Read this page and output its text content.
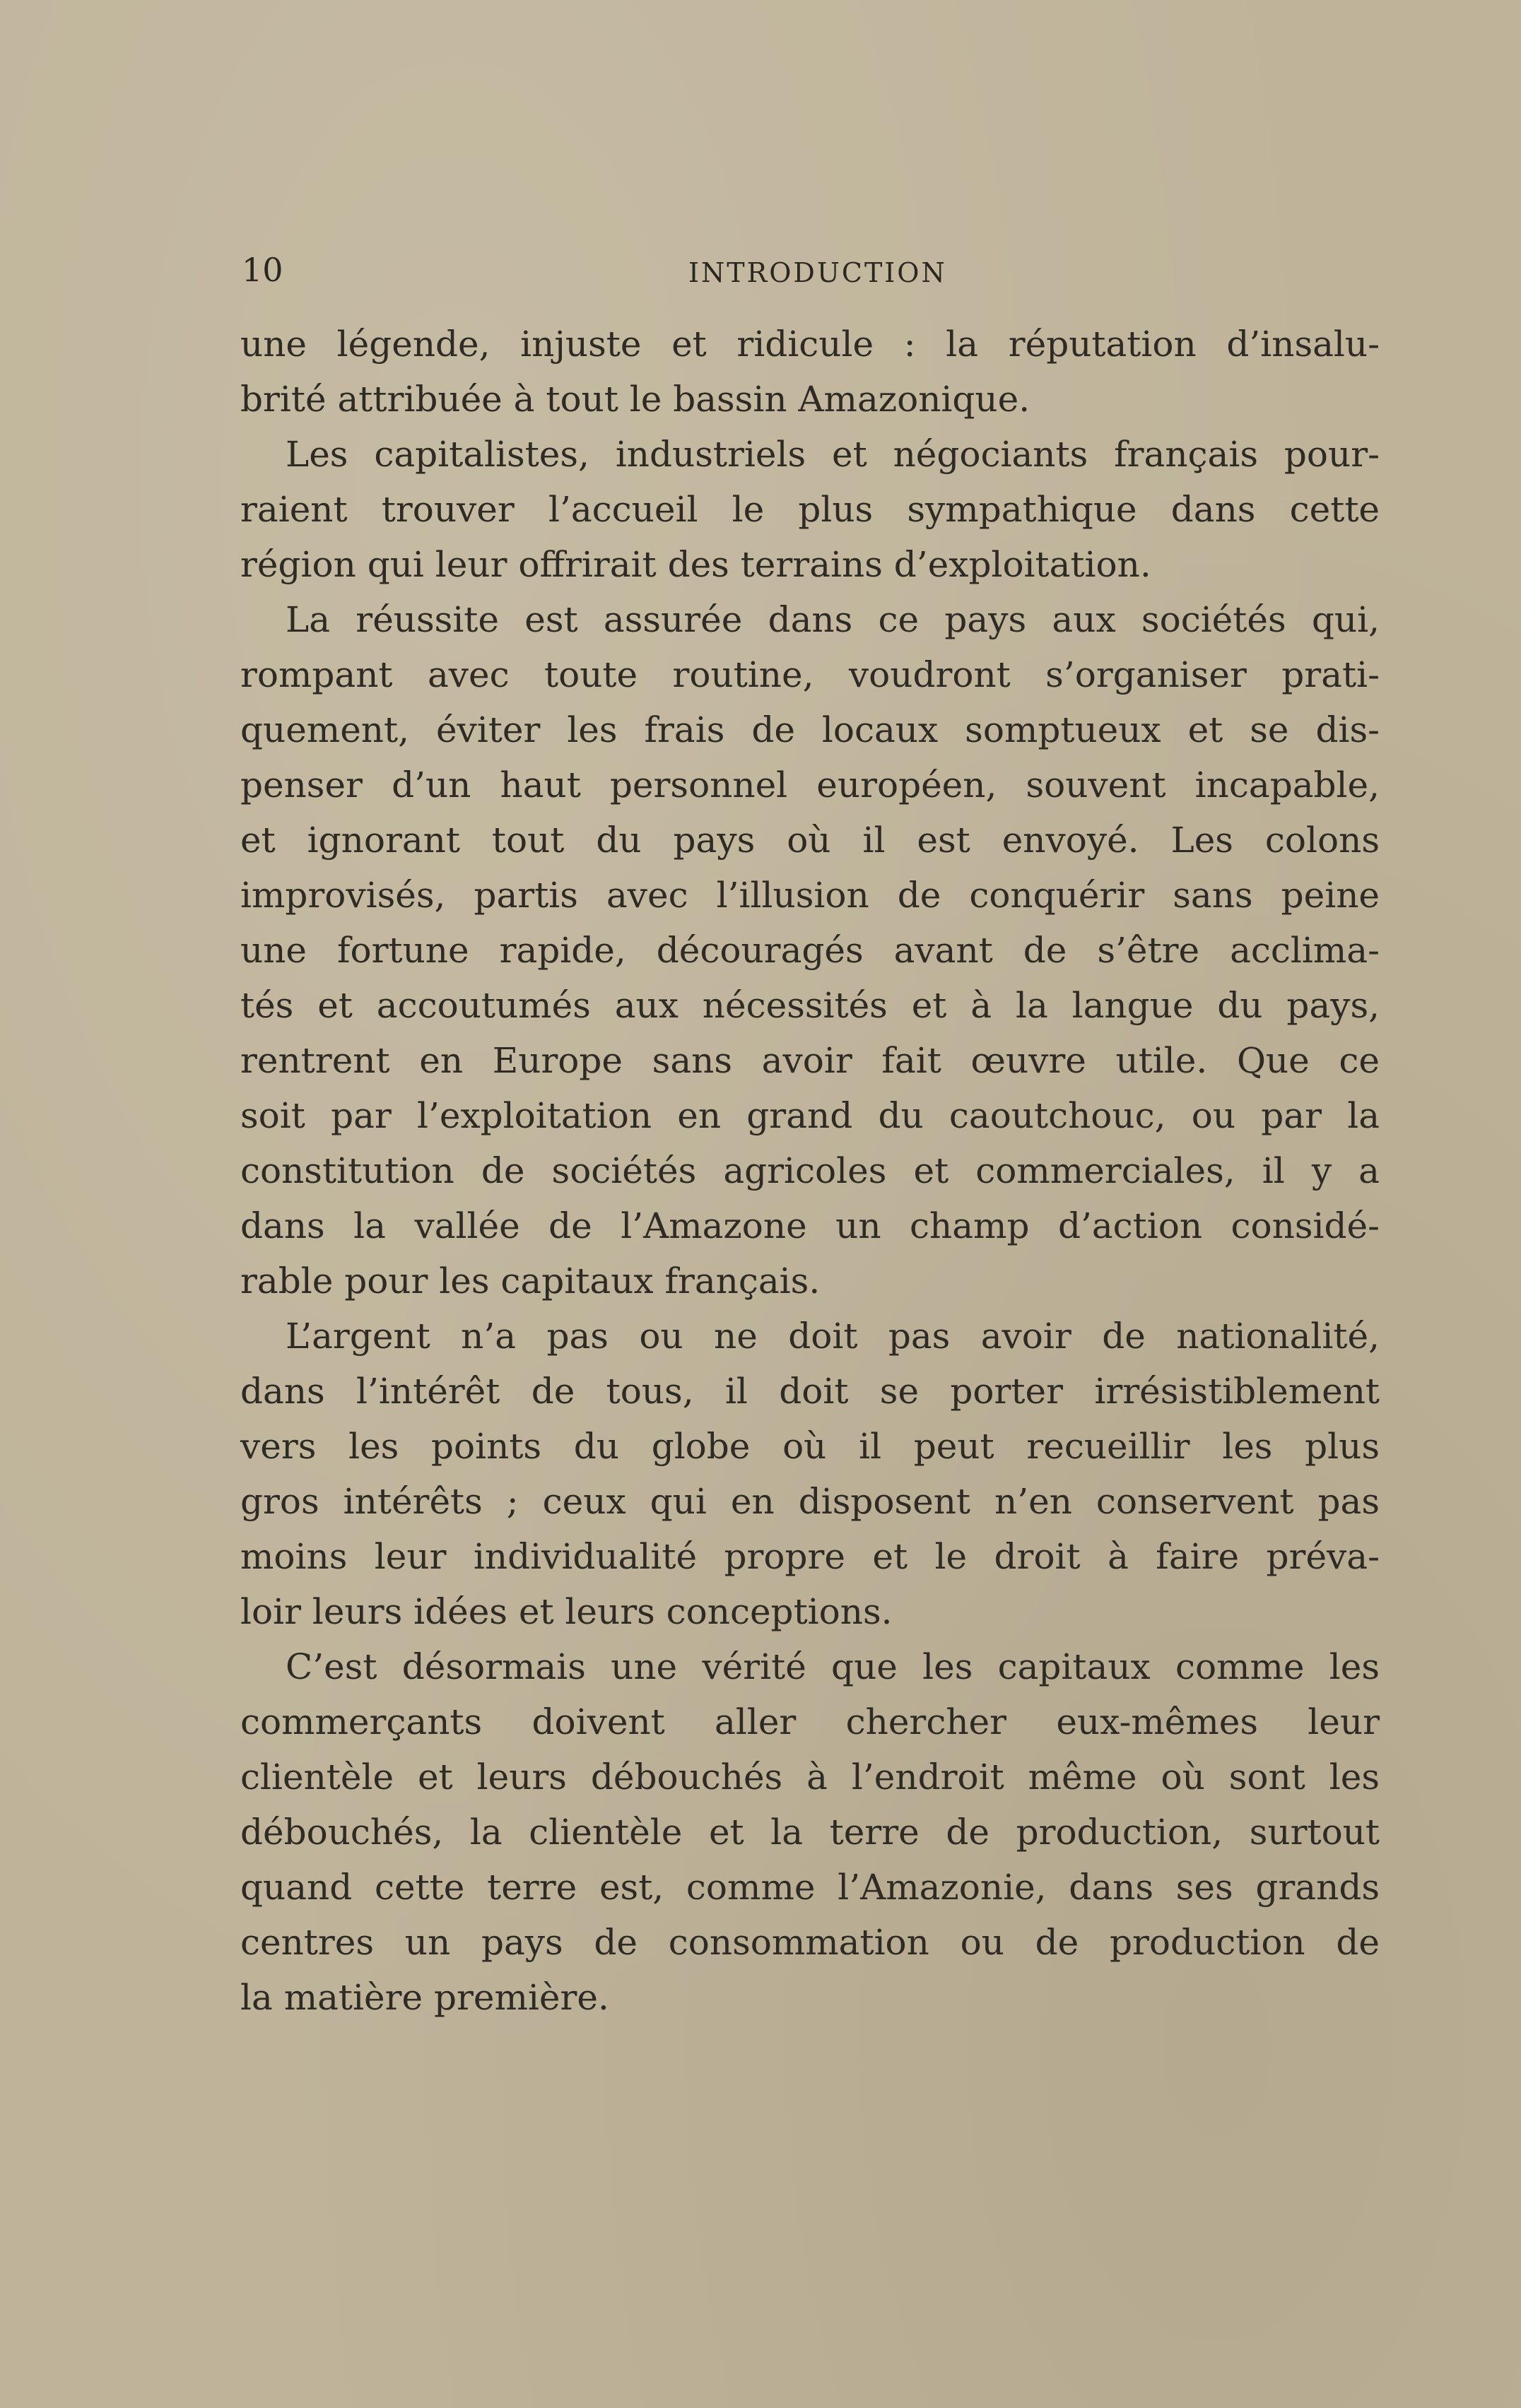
10	INTRODUCTION
une légende, injuste et ridicule : la réputation d’insalu-
brité attribuée à tout le bassin Amazonique.
Les capitalistes, industriels et négociants français pour-
raient trouver l’accueil le plus sympathique dans cette
région qui leur offrirait des terrains d’exploitation.
La réussite est assurée dans ce pays aux sociétés qui,
rompant avec toute routine, voudront s’organiser prati-
quement, éviter les frais de locaux somptueux et se dis-
penser d’un haut personnel européen, souvent incapable,
et ignorant tout du pays où il est envoyé. Les colons
improvisés, partis avec l’illusion de conquérir sans peine
une fortune rapide, découragés avant de s’être acclima-
tés et accoutumés aux nécessités et à la langue du pays,
rentrent en Europe sans avoir fait œuvre utile. Que ce
soit par l’exploitation en grand du caoutchouc, ou par la
constitution de sociétés agricoles et commerciales, il y a
dans la vallée de l’Amazone un champ d’action considé-
rable pour les capitaux français.
L’argent n’a pas ou ne doit pas avoir de nationalité,
dans l’intérêt de tous, il doit se porter irrésistiblement
vers les points du globe où il peut recueillir les plus
gros intérêts ; ceux qui en disposent n’en conservent pas
moins leur individualité propre et le droit à faire préva-
loir leurs idées et leurs conceptions.
C’est désormais une vérité que les capitaux comme les
commerçants doivent aller chercher eux-mêmes leur
clientèle et leurs débouchés à l’endroit même où sont les
débouchés, la clientèle et la terre de production, surtout
quand cette terre est, comme l’Amazonie, dans ses grands
centres un pays de consommation ou de production de
la matière première.
